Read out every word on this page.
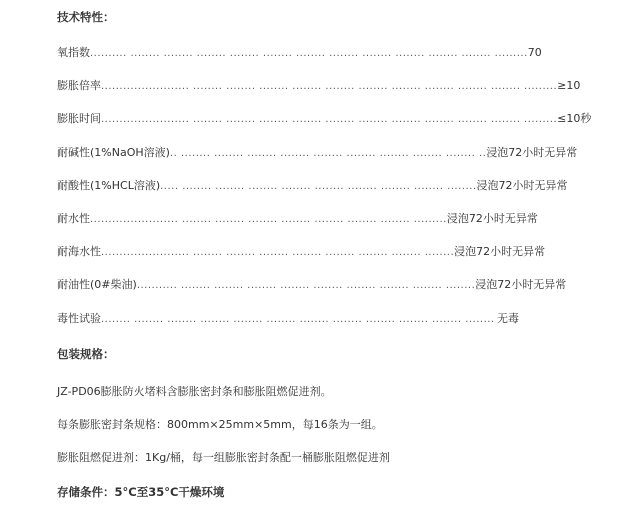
技术特性：
氧指数 .......... ........ ........ ........ ........ ........ ........ ........ ........ ........ ........ ........ ......... 70
膨胀倍率 ........................ ........ ........ ........ ........ ........ ........ ........ ........ ........ ........ ......... ≥10
膨胀时间 ........................ ........ ........ ........ ........ ........ ........ ........ ........ ........ ........ ......... ≤10秒
耐碱性(1%NaOH溶液) .. ........ ........ ........ ........ ........ ........ ........ ........ ........ .. 浸泡72小时无异常
耐酸性(1%HCL溶液) ..... ........ ........ ........ ........ ........ ........ ........ ........ ........ 浸泡72小时无异常
耐水性 ........................ ........ ........ ........ ........ ........ ........ ........ ......... 浸泡72小时无异常
耐海水性 ........................ ........ ........ ........ ........ ........ ........ ........ ........ 浸泡72小时无异常
耐油性(0#柴油) ........... ........ ........ ........ ........ ........ ........ ........ ........ ........ 浸泡72小时无异常
毒性试验 ........ ........ ........ ........ ........ ........ ........ ........ ........ ........ ........ ........ 无毒
包装规格：
JZ-PD06膨胀防火堵料含膨胀密封条和膨胀阻燃促进剂。
每条膨胀密封条规格：800mm×25mm×5mm，每16条为一组。
膨胀阻燃促进剂：1Kg/桶，每一组膨胀密封条配一桶膨胀阻燃促进剂
存储条件：5°C至35°C干燥环境
